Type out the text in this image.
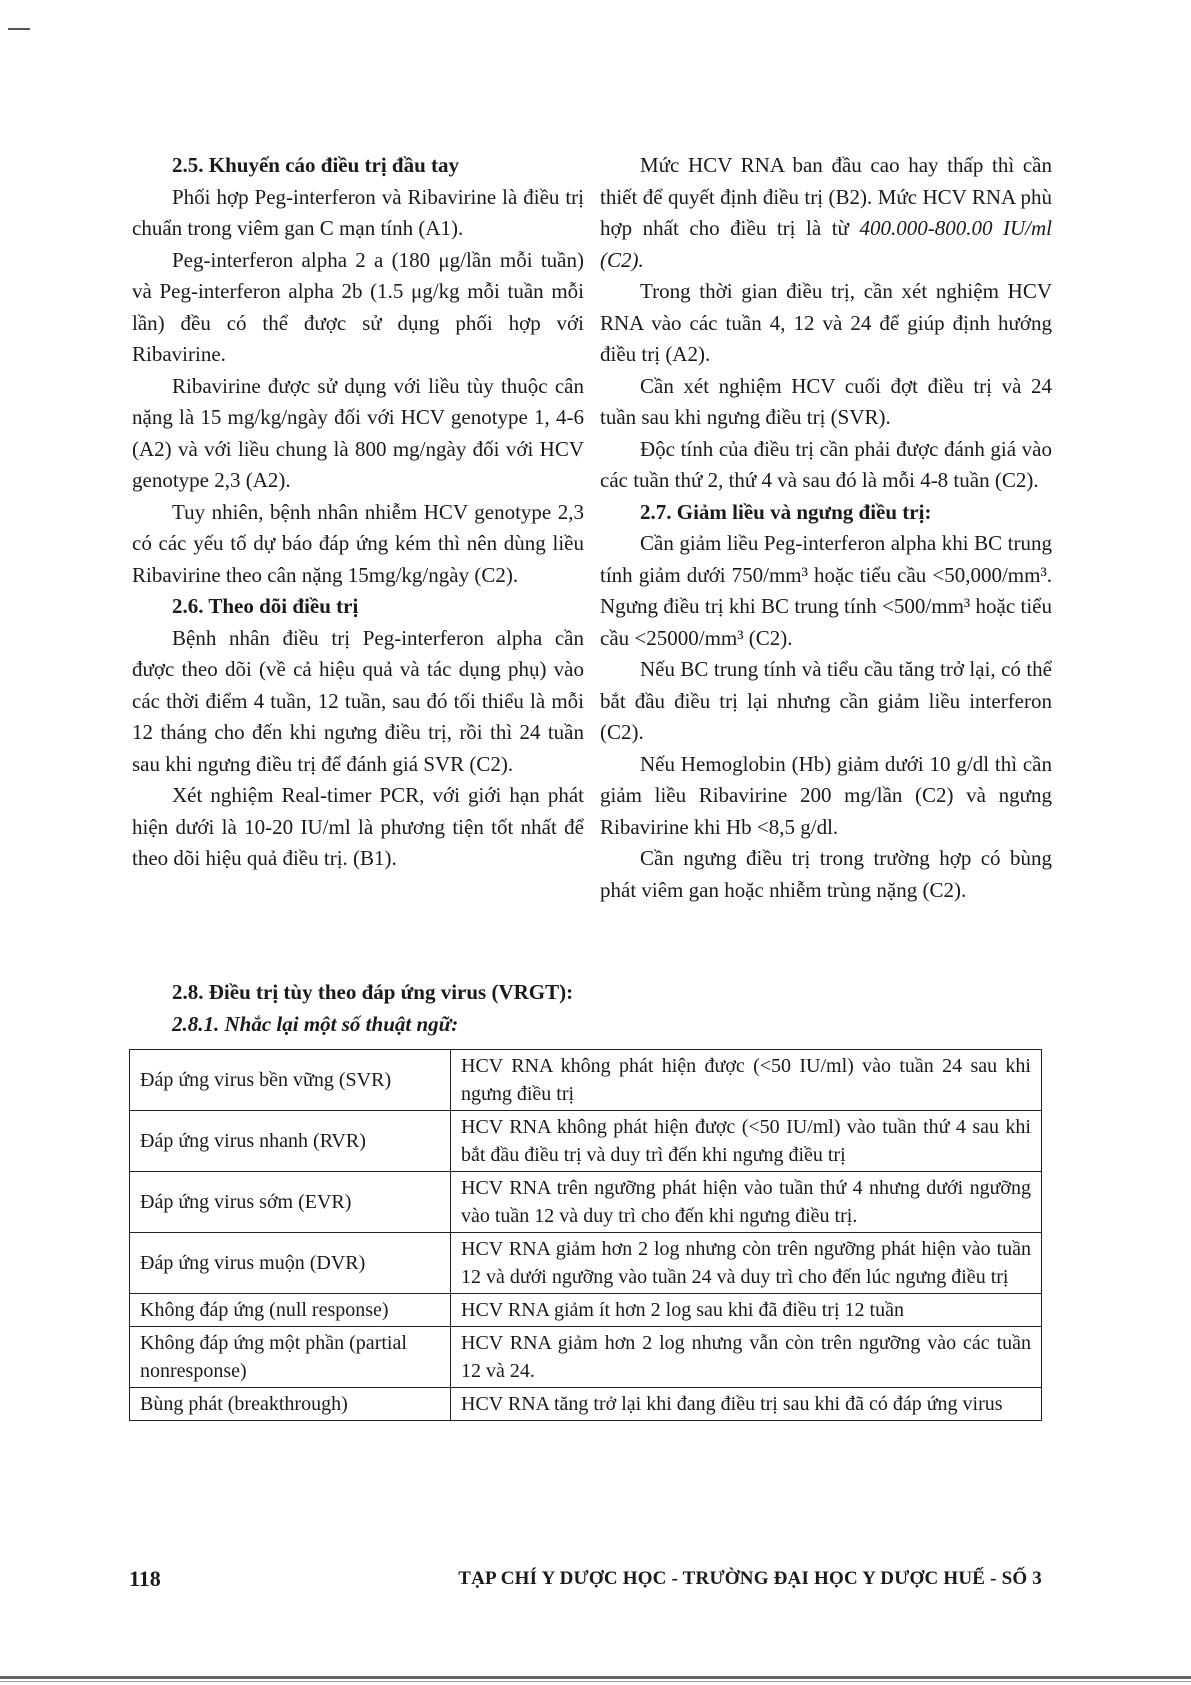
2.5. Khuyến cáo điều trị đầu tay

Phối hợp Peg-interferon và Ribavirine là điều trị chuẩn trong viêm gan C mạn tính (A1).

Peg-interferon alpha 2 a (180 μg/lần mỗi tuần) và Peg-interferon alpha 2b (1.5 μg/kg mỗi tuần mỗi lần) đều có thể được sử dụng phối hợp với Ribavirine.

Ribavirine được sử dụng với liều tùy thuộc cân nặng là 15 mg/kg/ngày đối với HCV genotype 1, 4-6 (A2) và với liều chung là 800 mg/ngày đối với HCV genotype 2,3 (A2).

Tuy nhiên, bệnh nhân nhiễm HCV genotype 2,3 có các yếu tố dự báo đáp ứng kém thì nên dùng liều Ribavirine theo cân nặng 15mg/kg/ngày (C2).

2.6. Theo dõi điều trị

Bệnh nhân điều trị Peg-interferon alpha cần được theo dõi (về cả hiệu quả và tác dụng phụ) vào các thời điểm 4 tuần, 12 tuần, sau đó tối thiểu là mỗi 12 tháng cho đến khi ngưng điều trị, rồi thì 24 tuần sau khi ngưng điều trị để đánh giá SVR (C2).

Xét nghiệm Real-timer PCR, với giới hạn phát hiện dưới là 10-20 IU/ml là phương tiện tốt nhất để theo dõi hiệu quả điều trị. (B1).

Mức HCV RNA ban đầu cao hay thấp thì cần thiết để quyết định điều trị (B2). Mức HCV RNA phù hợp nhất cho điều trị là từ 400.000-800.00 IU/ml (C2).

Trong thời gian điều trị, cần xét nghiệm HCV RNA vào các tuần 4, 12 và 24 để giúp định hướng điều trị (A2).

Cần xét nghiệm HCV cuối đợt điều trị và 24 tuần sau khi ngưng điều trị (SVR).

Độc tính của điều trị cần phải được đánh giá vào các tuần thứ 2, thứ 4 và sau đó là mỗi 4-8 tuần (C2).

2.7. Giảm liều và ngưng điều trị:

Cần giảm liều Peg-interferon alpha khi BC trung tính giảm dưới 750/mm³ hoặc tiểu cầu <50,000/mm³. Ngưng điều trị khi BC trung tính <500/mm³ hoặc tiểu cầu <25000/mm³ (C2).

Nếu BC trung tính và tiểu cầu tăng trở lại, có thể bắt đầu điều trị lại nhưng cần giảm liều interferon (C2).

Nếu Hemoglobin (Hb) giảm dưới 10 g/dl thì cần giảm liều Ribavirine 200 mg/lần (C2) và ngưng Ribavirine khi Hb <8,5 g/dl.

Cần ngưng điều trị trong trường hợp có bùng phát viêm gan hoặc nhiễm trùng nặng (C2).

2.8. Điều trị tùy theo đáp ứng virus (VRGT):
2.8.1. Nhắc lại một số thuật ngữ:
Đáp ứng virus bền vững (SVR)	HCV RNA không phát hiện được (<50 IU/ml) vào tuần 24 sau khi ngưng điều trị
Đáp ứng virus nhanh (RVR)	HCV RNA không phát hiện được (<50 IU/ml) vào tuần thứ 4 sau khi bắt đầu điều trị và duy trì đến khi ngưng điều trị
Đáp ứng virus sớm (EVR)	HCV RNA trên ngưỡng phát hiện vào tuần thứ 4 nhưng dưới ngưỡng vào tuần 12 và duy trì cho đến khi ngưng điều trị.
Đáp ứng virus muộn (DVR)	HCV RNA giảm hơn 2 log nhưng còn trên ngưỡng phát hiện vào tuần 12 và dưới ngưỡng vào tuần 24 và duy trì cho đến lúc ngưng điều trị
Không đáp ứng (null response)	HCV RNA giảm ít hơn 2 log sau khi đã điều trị 12 tuần
Không đáp ứng một phần (partial nonresponse)	HCV RNA giảm hơn 2 log nhưng vẫn còn trên ngưỡng vào các tuần 12 và 24.
Bùng phát (breakthrough)	HCV RNA tăng trở lại khi đang điều trị sau khi đã có đáp ứng virus
118	TẠP CHÍ Y DƯỢC HỌC - TRƯỜNG ĐẠI HỌC Y DƯỢC HUẾ - SỐ 3
